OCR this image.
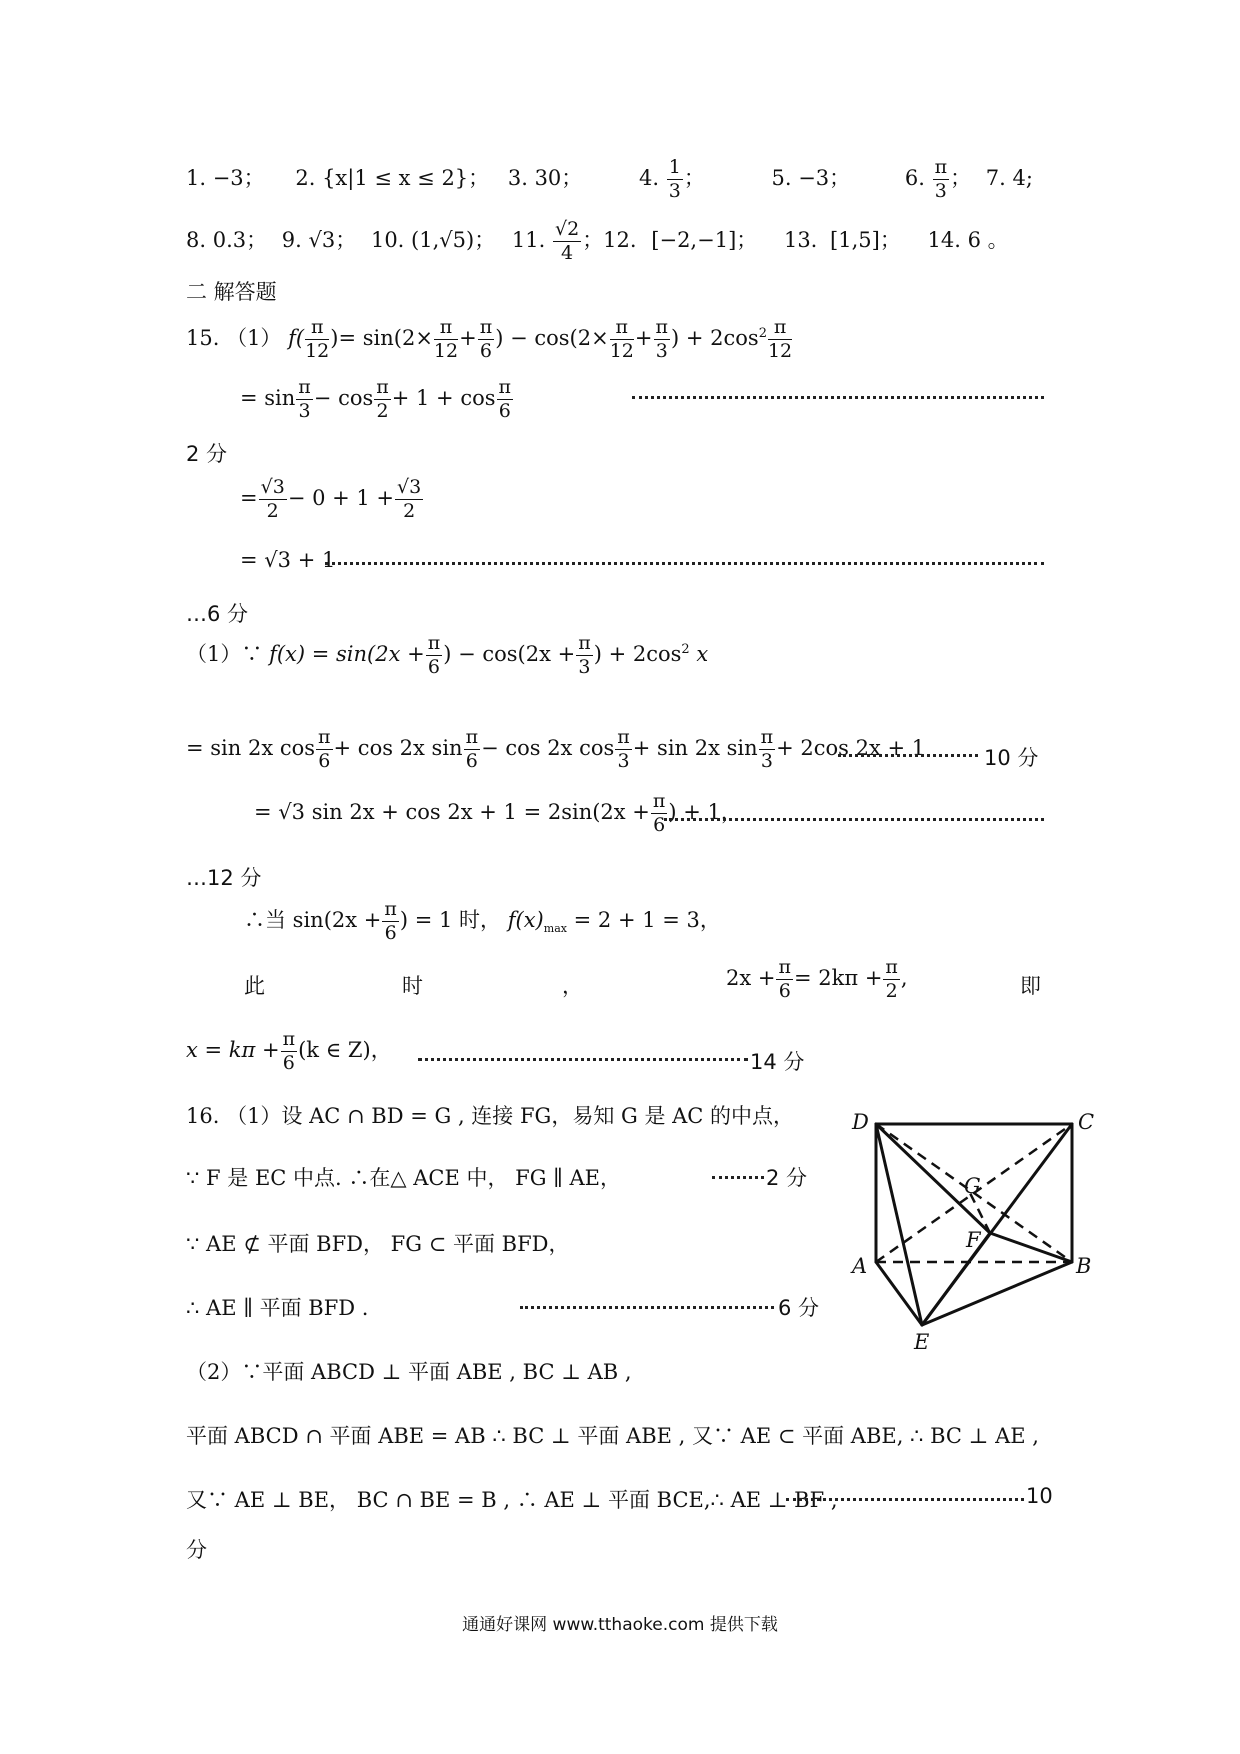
1. −3； 2. {x|1 ≤ x ≤ 2}； 3. 30；	4. $\frac{1}{3}$ ；	5. −3；	6. $\frac{\pi}{3}$ ； 7. 4;
8. 0.3； 9. √3； 10. (1,√5)； 11. $\frac{√2}{4}$ ；12. [−2,−1]； 13. [1,5]； 14. 6 。
二 解答题
15. （1） $f( \frac{\pi}{12}$ )= $\sin(2\times \frac{\pi}{12} + \frac{\pi}{6}$ ) − $\cos(2\times \frac{\pi}{12} + \frac{\pi}{3}$ ) + $2\cos^2 \frac{\pi}{12}$
= $\sin \frac{\pi}{3} - \cos \frac{\pi}{2} + 1 + \cos \frac{\pi}{6}$
2 分
= $\frac{√3}{2} - 0 + 1 + \frac{√3}{2}$
= √3 + 1
…6 分
（1）∵ $f(x) = \sin(2x + \frac{\pi}{6}$ ) − $\cos(2x + \frac{\pi}{3}$ ) + $2\cos^2$ x
= sin 2x $\cos \frac{\pi}{6} + \cos 2x$ $\sin \frac{\pi}{6} - \cos 2x$ $\cos \frac{\pi}{3} + \sin 2x$ $\sin \frac{\pi}{3} + 2\cos$ 2x + 1	10 分
= √3 $\sin 2x + \cos 2x + 1 = 2\sin(2x + \frac{\pi}{6}$ ) + 1，
…12 分
∴当 $\sin(2x + \frac{\pi}{6}$ ) = 1 时， $f(x)_{max} = 2 + 1 = 3$，
此	时	，	$2x + \frac{\pi}{6} = 2k\pi + \frac{\pi}{2}$ ,	即
$x = k\pi + \frac{\pi}{6} (k$ ∈ Z)，	14 分
16. （1）设 AC ∩ BD = G , 连接 FG，易知 G 是 AC 的中点，
∵ F 是 EC 中点. ∴在△ ACE 中， FG ∥ AE，	2 分
∵ AE ⊄ 平面 BFD， FG ⊂ 平面 BFD，
∴ AE ∥ 平面 BFD .	6 分
（2）∵平面 ABCD ⊥ 平面 ABE , BC ⊥ AB ,
平面 ABCD ∩ 平面 ABE = AB ∴ BC ⊥ 平面 ABE , 又∵ AE ⊂ 平面 ABE, ∴ BC ⊥ AE ,
又∵ AE ⊥ BE， BC ∩ BE = B , ∴ AE ⊥ 平面 BCE,∴ AE ⊥ BF ,	10
分
D	C
G
F
A	B
E
通通好课网 www.tthaoke.com 提供下载
